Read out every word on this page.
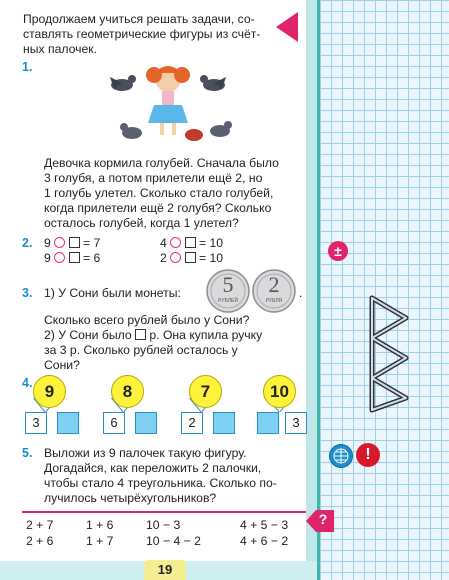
Продолжаем учиться решать задачи, со-
ставлять геометрические фигуры из счёт-
ных палочек.
1.
Девочка кормила голубей. Сначала было
3 голубя, а потом прилетели ещё 2, но
1 голубь улетел. Сколько стало голубей,
когда прилетели ещё 2 голубя? Сколько
осталось голубей, когда 1 улетел?
2. 9	= 7	4	= 10
9	= 6	2	= 10	±
3. 1) У Сони были монеты: 5
РУБЛЕЙ
2
РУБЛЯ
.
Сколько всего рублей было у Сони?
2) У Сони было р. Она купила ручку
за 3 р. Сколько рублей осталось у
Сони?
4. 9
3
8
6
7
2
10
3
5. Выложи из 9 палочек такую фигуру.
Догадайся, как переложить 2 палочки,
чтобы стало 4 треугольника. Сколько по-
лучилось четырёхугольников?
!
2 + 7	1 + 6	10 − 3	4 + 5 − 3
2 + 6	1 + 7	10 − 4 − 2	4 + 6 − 2
?
19
